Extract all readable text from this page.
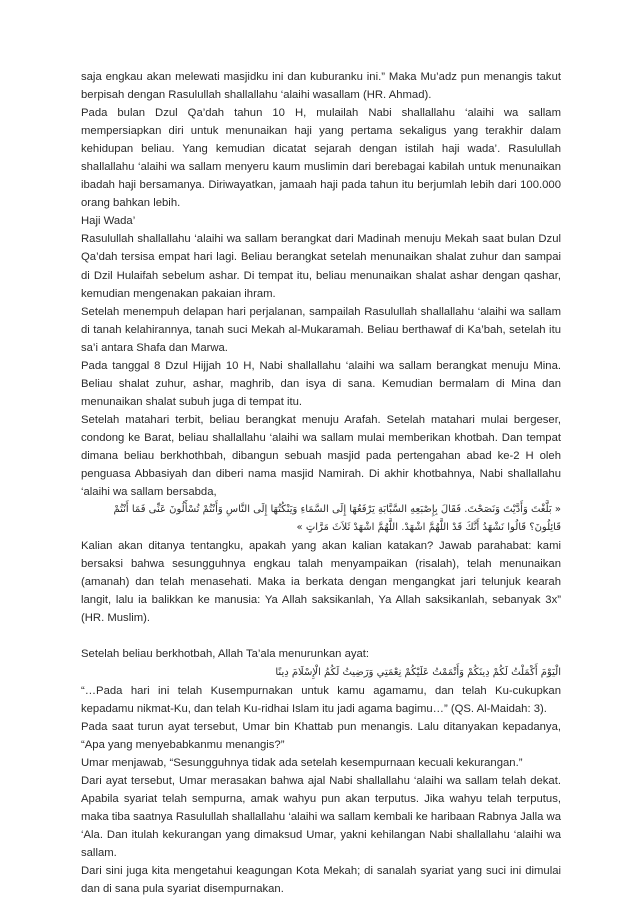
saja engkau akan melewati masjidku ini dan kuburanku ini.” Maka Mu’adz pun menangis takut berpisah dengan Rasulullah shallallahu ‘alaihi wasallam (HR. Ahmad).

Pada bulan Dzul Qa’dah tahun 10 H, mulailah Nabi shallallahu ‘alaihi wa sallam mempersiapkan diri untuk menunaikan haji yang pertama sekaligus yang terakhir dalam kehidupan beliau. Yang kemudian dicatat sejarah dengan istilah haji wada’. Rasulullah shallallahu ‘alaihi wa sallam menyeru kaum muslimin dari berebagai kabilah untuk menunaikan ibadah haji bersamanya. Diriwayatkan, jamaah haji pada tahun itu berjumlah lebih dari 100.000 orang bahkan lebih.

Haji Wada’

Rasulullah shallallahu ‘alaihi wa sallam berangkat dari Madinah menuju Mekah saat bulan Dzul Qa’dah tersisa empat hari lagi. Beliau berangkat setelah menunaikan shalat zuhur dan sampai di Dzil Hulaifah sebelum ashar. Di tempat itu, beliau menunaikan shalat ashar dengan qashar, kemudian mengenakan pakaian ihram.

Setelah menempuh delapan hari perjalanan, sampailah Rasulullah shallallahu ‘alaihi wa sallam di tanah kelahirannya, tanah suci Mekah al-Mukaramah. Beliau berthawaf di Ka’bah, setelah itu sa’i antara Shafa dan Marwa.

Pada tanggal 8 Dzul Hijjah 10 H, Nabi shallallahu ‘alaihi wa sallam berangkat menuju Mina. Beliau shalat zuhur, ashar, maghrib, dan isya di sana. Kemudian bermalam di Mina dan menunaikan shalat subuh juga di tempat itu.

Setelah matahari terbit, beliau berangkat menuju Arafah. Setelah matahari mulai bergeser, condong ke Barat, beliau shallallahu ‘alaihi wa sallam mulai memberikan khotbah. Dan tempat dimana beliau berkhothbah, dibangun sebuah masjid pada pertengahan abad ke-2 H oleh penguasa Abbasiyah dan diberi nama masjid Namirah. Di akhir khotbahnya, Nabi shallallahu ‘alaihi wa sallam bersabda,

« بَلَّغْتَ وَأَدَّيْتَ وَنَصَحْتَ. فَقَالَ بِإِصْبَعِهِ السَّبَّابَةِ يَرْفَعُهَا إِلَى السَّمَاءِ وَيَنْكُتُهَا إِلَى النَّاسِ وَأَنْتُمْ تُسْأَلُونَ عَنِّى فَمَا أَنْتُمْ قَائِلُونَ؟ قَالُوا نَشْهَدُ أَنَّكَ قَدْ اللَّهُمَّ اشْهَدْ. اللَّهُمَّ اشْهَدْ ثَلاَثَ مَرَّاتٍ »

Kalian akan ditanya tentangku, apakah yang akan kalian katakan? Jawab parahabat: kami bersaksi bahwa sesungguhnya engkau talah menyampaikan (risalah), telah menunaikan (amanah) dan telah menasehati. Maka ia berkata dengan mengangkat jari telunjuk kearah langit, lalu ia balikkan ke manusia: Ya Allah saksikanlah, Ya Allah saksikanlah, sebanyak 3x” (HR. Muslim).

Setelah beliau berkhotbah, Allah Ta’ala menurunkan ayat:

الْيَوْمَ أَكْمَلْتُ لَكُمْ دِينَكُمْ وَأَتْمَمْتُ عَلَيْكُمْ نِعْمَتِي وَرَضِيتُ لَكُمُ الْإِسْلَامَ دِينًا

“…Pada hari ini telah Kusempurnakan untuk kamu agamamu, dan telah Ku-cukupkan kepadamu nikmat-Ku, dan telah Ku-ridhai Islam itu jadi agama bagimu…” (QS. Al-Maidah: 3).

Pada saat turun ayat tersebut, Umar bin Khattab pun menangis. Lalu ditanyakan kepadanya, “Apa yang menyebabkanmu menangis?”

Umar menjawab, “Sesungguhnya tidak ada setelah kesempurnaan kecuali kekurangan.”

Dari ayat tersebut, Umar merasakan bahwa ajal Nabi shallallahu ‘alaihi wa sallam telah dekat. Apabila syariat telah sempurna, amak wahyu pun akan terputus. Jika wahyu telah terputus, maka tiba saatnya Rasulullah shallallahu ‘alaihi wa sallam kembali ke haribaan Rabnya Jalla wa ‘Ala. Dan itulah kekurangan yang dimaksud Umar, yakni kehilangan Nabi shallallahu ‘alaihi wa sallam.

Dari sini juga kita mengetahui keagungan Kota Mekah; di sanalah syariat yang suci ini dimulai dan di sana pula syariat disempurnakan.
